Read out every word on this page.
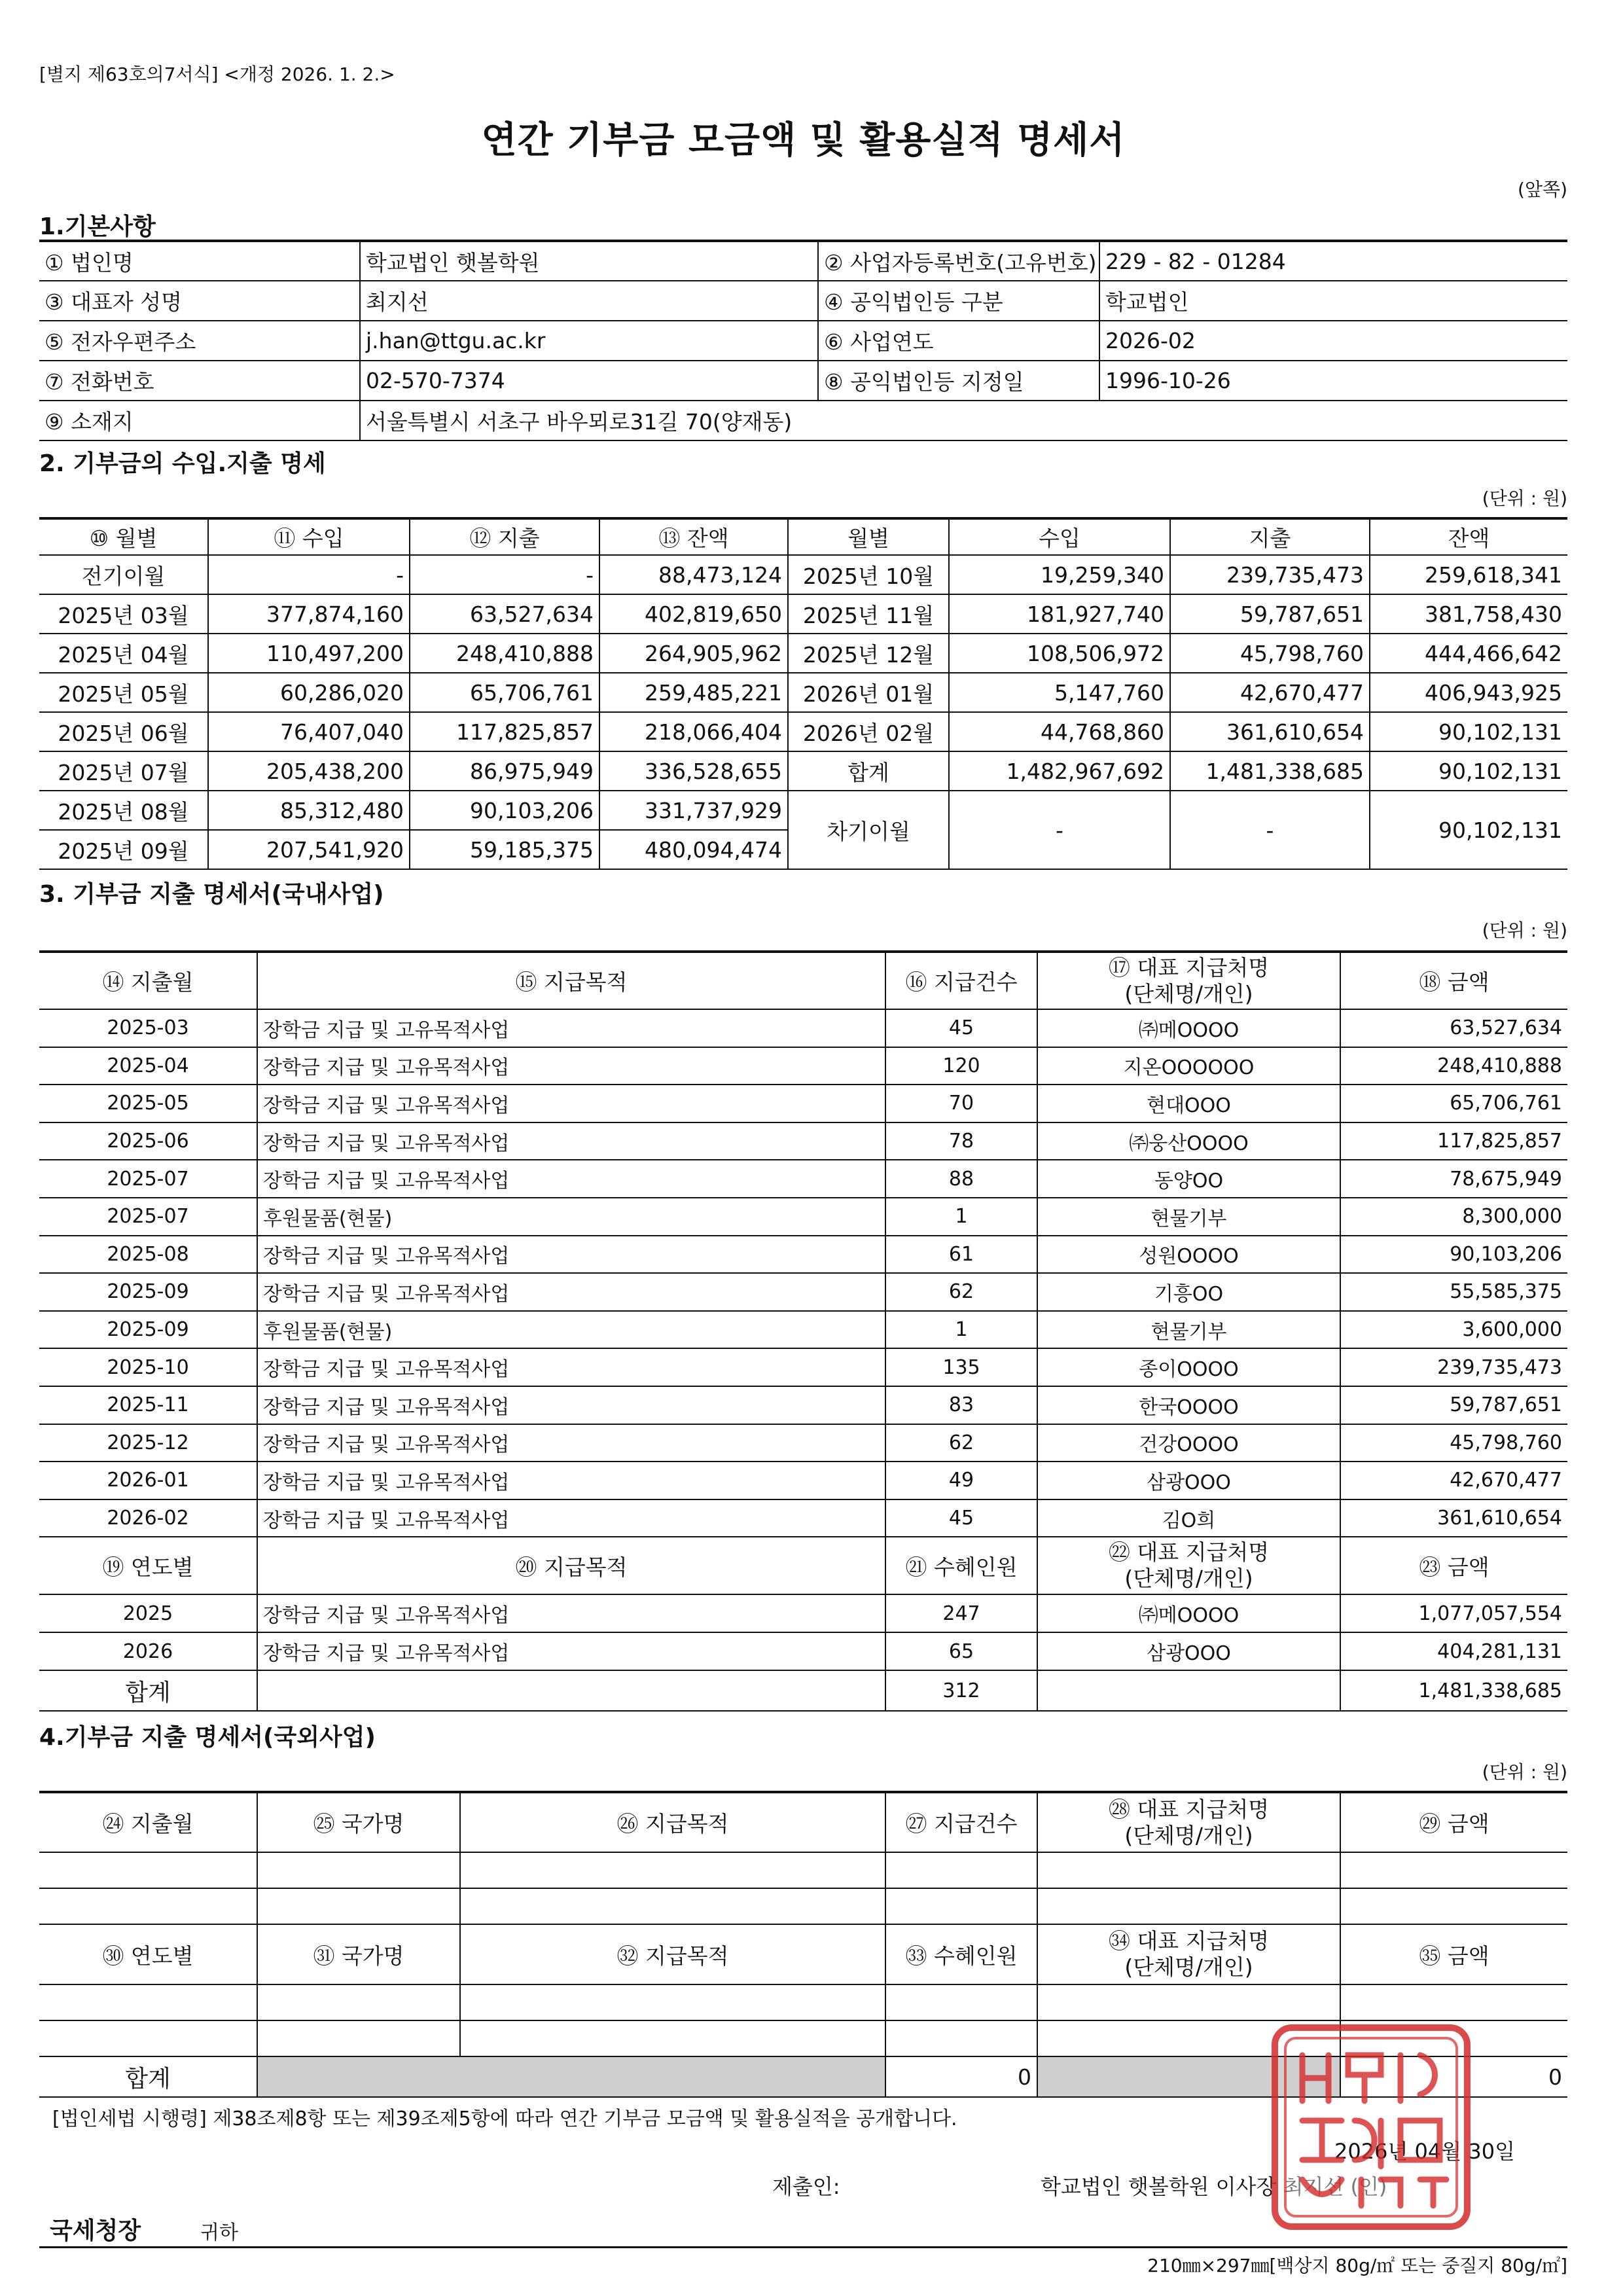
[별지 제63호의7서식] <개정 2026. 1. 2.>
연간 기부금 모금액 및 활용실적 명세서
(앞쪽)
1.기본사항
① 법인명	학교법인 햇볼학원	② 사업자등록번호(고유번호)	229 - 82 - 01284
③ 대표자 성명	최지선	④ 공익법인등 구분	학교법인
⑤ 전자우편주소	j.han@ttgu.ac.kr	⑥ 사업연도	2026-02
⑦ 전화번호	02-570-7374	⑧ 공익법인등 지정일	1996-10-26
⑨ 소재지	서울특별시 서초구 바우뫼로31길 70(양재동)		
2. 기부금의 수입.지출 명세
(단위 : 원)
⑩ 월별	⑪ 수입	⑫ 지출	⑬ 잔액	월별	수입	지출	잔액
전기이월	-	-	88,473,124	2025년 10월	19,259,340	239,735,473	259,618,341
2025년 03월	377,874,160	63,527,634	402,819,650	2025년 11월	181,927,740	59,787,651	381,758,430
2025년 04월	110,497,200	248,410,888	264,905,962	2025년 12월	108,506,972	45,798,760	444,466,642
2025년 05월	60,286,020	65,706,761	259,485,221	2026년 01월	5,147,760	42,670,477	406,943,925
2025년 06월	76,407,040	117,825,857	218,066,404	2026년 02월	44,768,860	361,610,654	90,102,131
2025년 07월	205,438,200	86,975,949	336,528,655	합계	1,482,967,692	1,481,338,685	90,102,131
2025년 08월	85,312,480	90,103,206	331,737,929	차기이월	-	-	90,102,131
2025년 09월	207,541,920	59,185,375	480,094,474				
3. 기부금 지출 명세서(국내사업)
(단위 : 원)
⑭ 지출월	⑮ 지급목적	⑯ 지급건수	⑰ 대표 지급처명
(단체명/개인)	⑱ 금액
2025-03	장학금 지급 및 고유목적사업	45	㈜메OOOO	63,527,634
2025-04	장학금 지급 및 고유목적사업	120	지온OOOOOO	248,410,888
2025-05	장학금 지급 및 고유목적사업	70	현대OOO	65,706,761
2025-06	장학금 지급 및 고유목적사업	78	㈜웅산OOOO	117,825,857
2025-07	장학금 지급 및 고유목적사업	88	동양OO	78,675,949
2025-07	후원물품(현물)	1	현물기부	8,300,000
2025-08	장학금 지급 및 고유목적사업	61	성원OOOO	90,103,206
2025-09	장학금 지급 및 고유목적사업	62	기흥OO	55,585,375
2025-09	후원물품(현물)	1	현물기부	3,600,000
2025-10	장학금 지급 및 고유목적사업	135	종이OOOO	239,735,473
2025-11	장학금 지급 및 고유목적사업	83	한국OOOO	59,787,651
2025-12	장학금 지급 및 고유목적사업	62	건강OOOO	45,798,760
2026-01	장학금 지급 및 고유목적사업	49	삼광OOO	42,670,477
2026-02	장학금 지급 및 고유목적사업	45	김O희	361,610,654
⑲ 연도별	⑳ 지급목적	㉑ 수혜인원	㉒ 대표 지급처명
(단체명/개인)	㉓ 금액
2025	장학금 지급 및 고유목적사업	247	㈜메OOOO	1,077,057,554
2026	장학금 지급 및 고유목적사업	65	삼광OOO	404,281,131
합계		312		1,481,338,685
4.기부금 지출 명세서(국외사업)
(단위 : 원)
㉔ 지출월	㉕ 국가명	㉖ 지급목적	㉗ 지급건수	㉘ 대표 지급처명
(단체명/개인)	㉙ 금액

㉚ 연도별	㉛ 국가명	㉜ 지급목적	㉝ 수혜인원	㉞ 대표 지급처명
(단체명/개인)	㉟ 금액

합계			0		0
[법인세법 시행령] 제38조제8항 또는 제39조제5항에 따라 연간 기부금 모금액 및 활용실적을 공개합니다.
2026년 04월 30일
제출인:	학교법인 햇볼학원 이사장 최지선 (인)
국세청장	귀하
210㎜×297㎜[백상지 80g/㎡ 또는 중질지 80g/㎡]
